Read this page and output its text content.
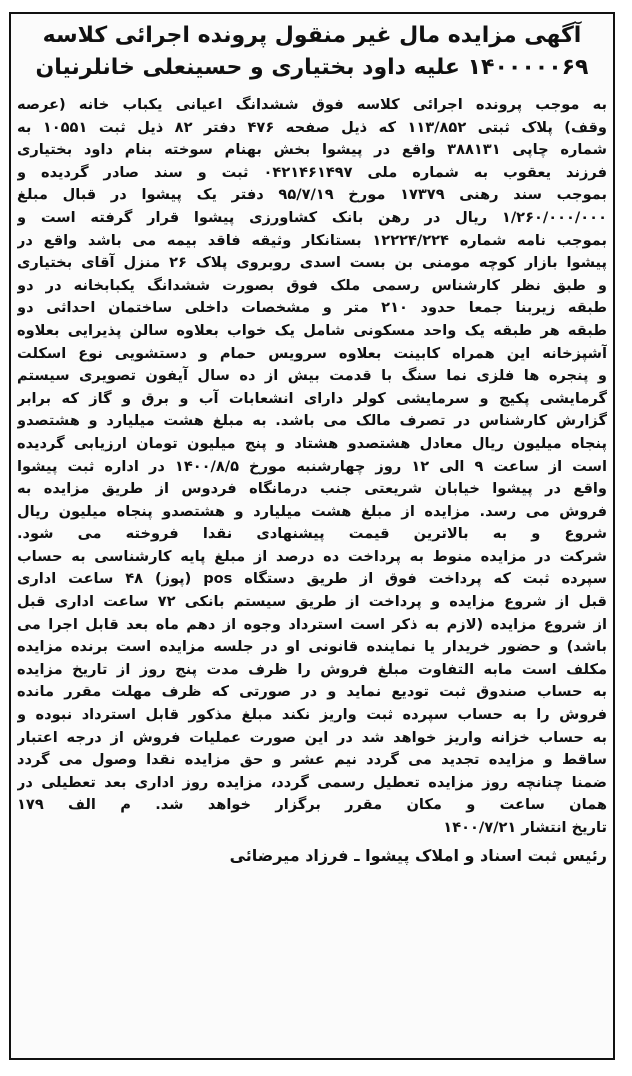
آگهی مزایده مال غیر منقول پرونده اجرائی کلاسه
۱۴۰۰۰۰۰۶۹ علیه داود بختیاری و حسینعلی خانلرنیان
به موجب پرونده اجرائی کلاسه فوق ششدانگ اعیانی یکباب خانه (عرصه
وقف) پلاک ثبتی ۱۱۳/۸۵۲ که ذیل صفحه ۴۷۶ دفتر ۸۲ ذیل ثبت ۱۰۵۵۱ به
شماره چاپی ۳۸۸۱۳۱ واقع در پیشوا بخش بهنام سوخته بنام داود بختیاری
فرزند یعقوب به شماره ملی ۰۴۲۱۴۶۱۴۹۷ ثبت و سند صادر گردیده و
بموجب سند رهنی ۱۷۳۷۹ مورخ ۹۵/۷/۱۹ دفتر یک پیشوا در قبال مبلغ
۱/۲۶۰/۰۰۰/۰۰۰ ریال در رهن بانک کشاورزی پیشوا قرار گرفته است و
بموجب نامه شماره ۱۲۲۲۴/۲۲۴ بستانکار وثیقه فاقد بیمه می باشد واقع در
پیشوا بازار کوچه مومنی بن بست اسدی روبروی پلاک ۲۶ منزل آقای بختیاری
و طبق نظر کارشناس رسمی ملک فوق بصورت ششدانگ یکبابخانه در دو
طبقه زیربنا جمعا حدود ۲۱۰ متر و مشخصات داخلی ساختمان احداثی دو
طبقه هر طبقه یک واحد مسکونی شامل یک خواب بعلاوه سالن پذیرایی بعلاوه
آشپزخانه این همراه کابینت بعلاوه سرویس حمام و دستشویی نوع اسکلت
و پنجره ها فلزی نما سنگ با قدمت بیش از ده سال آیفون تصویری سیستم
گرمایشی پکیج و سرمایشی کولر دارای انشعابات آب و برق و گاز که برابر
گزارش کارشناس در تصرف مالک می باشد. به مبلغ هشت میلیارد و هشتصدو
پنجاه میلیون ریال معادل هشتصدو هشتاد و پنج میلیون تومان ارزیابی گردیده
است از ساعت ۹ الی ۱۲ روز چهارشنبه مورخ ۱۴۰۰/۸/۵ در اداره ثبت پیشوا
واقع در پیشوا خیابان شریعتی جنب درمانگاه فردوس از طریق مزایده به
فروش می رسد. مزایده از مبلغ هشت میلیارد و هشتصدو پنجاه میلیون ریال
شروع و به بالاترین قیمت پیشنهادی نقدا فروخته می شود.
شرکت در مزایده منوط به پرداخت ده درصد از مبلغ پایه کارشناسی به حساب
سپرده ثبت که پرداخت فوق از طریق دستگاه pos (پوز) ۴۸ ساعت اداری
قبل از شروع مزایده و پرداخت از طریق سیستم بانکی ۷۲ ساعت اداری قبل
از شروع مزایده (لازم به ذکر است استرداد وجوه از دهم ماه بعد قابل اجرا می
باشد) و حضور خریدار یا نماینده قانونی او در جلسه مزایده است برنده مزایده
مکلف است مابه التفاوت مبلغ فروش را ظرف مدت پنج روز از تاریخ مزایده
به حساب صندوق ثبت تودیع نماید و در صورتی که ظرف مهلت مقرر مانده
فروش را به حساب سپرده ثبت واریز نکند مبلغ مذکور قابل استرداد نبوده و
به حساب خزانه واریز خواهد شد در این صورت عملیات فروش از درجه اعتبار
ساقط و مزایده تجدید می گردد نیم عشر و حق مزایده نقدا وصول می گردد
ضمنا چنانچه روز مزایده تعطیل رسمی گردد، مزایده روز اداری بعد تعطیلی در
همان ساعت و مکان مقرر برگزار خواهد شد. م الف ۱۷۹
تاریخ انتشار ۱۴۰۰/۷/۲۱
رئیس ثبت اسناد و املاک پیشوا ـ فرزاد میرضائی
